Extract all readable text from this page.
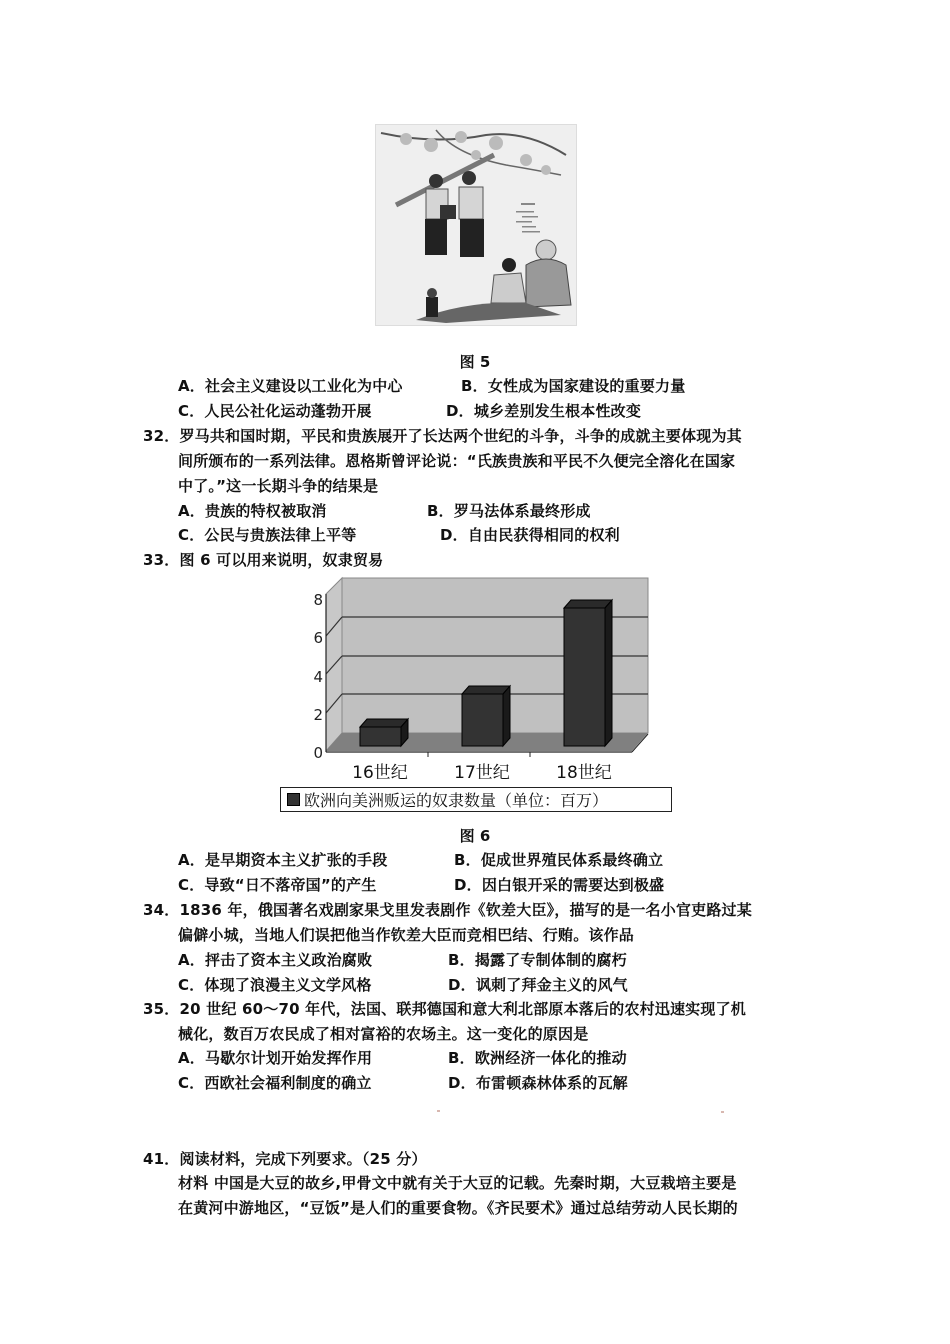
图 5
A．社会主义建设以工业化为中心	B．女性成为国家建设的重要力量
C．人民公社化运动蓬勃开展	D．城乡差别发生根本性改变
32．罗马共和国时期，平民和贵族展开了长达两个世纪的斗争，斗争的成就主要体现为其
间所颁布的一系列法律。恩格斯曾评论说：“氏族贵族和平民不久便完全溶化在国家
中了。”这一长期斗争的结果是
A．贵族的特权被取消	B．罗马法体系最终形成
C．公民与贵族法律上平等	D．自由民获得相同的权利
33．图 6 可以用来说明，奴隶贸易
0
2
4
6
8
16世纪	17世纪	18世纪
欧洲向美洲贩运的奴隶数量（单位：百万）
图 6
A．是早期资本主义扩张的手段	B．促成世界殖民体系最终确立
C．导致“日不落帝国”的产生	D．因白银开采的需要达到极盛
34．1836 年，俄国著名戏剧家果戈里发表剧作《钦差大臣》，描写的是一名小官吏路过某
偏僻小城，当地人们误把他当作钦差大臣而竞相巴结、行贿。该作品
A．抨击了资本主义政治腐败	B．揭露了专制体制的腐朽
C．体现了浪漫主义文学风格	D．讽刺了拜金主义的风气
35．20 世纪 60～70 年代，法国、联邦德国和意大利北部原本落后的农村迅速实现了机
械化，数百万农民成了相对富裕的农场主。这一变化的原因是
A．马歇尔计划开始发挥作用	B．欧洲经济一体化的推动
C．西欧社会福利制度的确立	D．布雷顿森林体系的瓦解
41．阅读材料，完成下列要求。（25 分）
材料 中国是大豆的故乡,甲骨文中就有关于大豆的记载。先秦时期，大豆栽培主要是
在黄河中游地区，“豆饭”是人们的重要食物。《齐民要术》通过总结劳动人民长期的
